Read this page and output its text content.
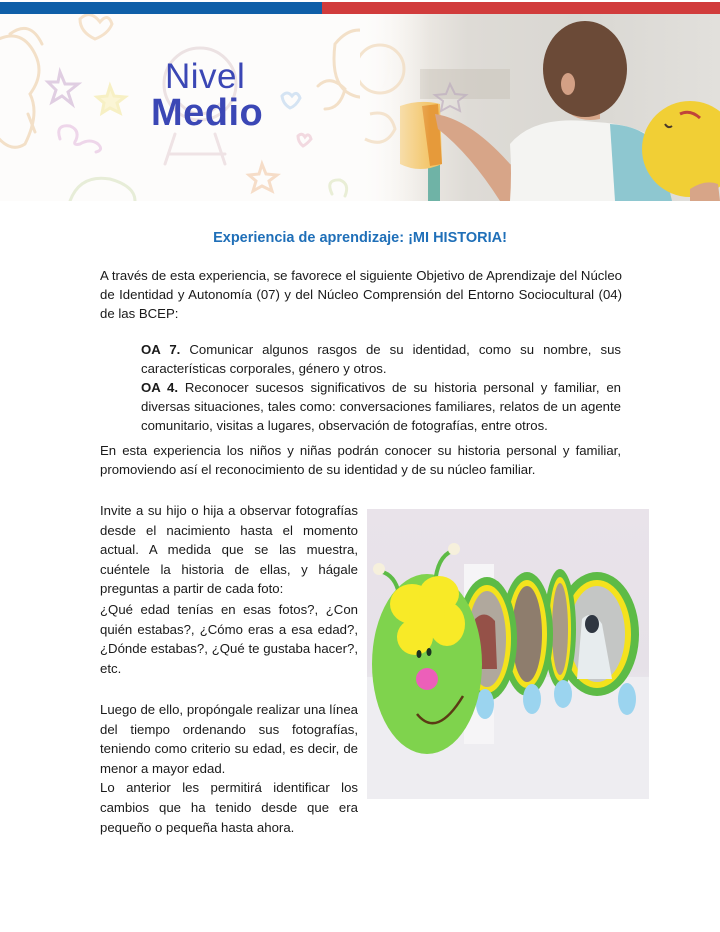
Nivel
Medio
Experiencia de aprendizaje: ¡MI HISTORIA!

A través de esta experiencia, se favorece el siguiente Objetivo de Aprendizaje del Núcleo de Identidad y Autonomía (07) y del Núcleo Comprensión del Entorno Sociocultural (04) de las BCEP:

OA 7. Comunicar algunos rasgos de su identidad, como su nombre, sus características corporales, género y otros.
OA 4. Reconocer sucesos significativos de su historia personal y familiar, en diversas situaciones, tales como: conversaciones familiares, relatos de un agente comunitario, visitas a lugares, observación de fotografías, entre otros.

En esta experiencia los niños y niñas podrán conocer su historia personal y familiar, promoviendo así el reconocimiento de su identidad y de su núcleo familiar.

Invite a su hijo o hija a observar fotografías desde el nacimiento hasta el momento actual. A medida que se las muestra, cuéntele la historia de ellas, y hágale preguntas a partir de cada foto:

¿Qué edad tenías en esas fotos?, ¿Con quién estabas?, ¿Cómo eras a esa edad?, ¿Dónde estabas?, ¿Qué te gustaba hacer?, etc.

Luego de ello, propóngale realizar una línea del tiempo ordenando sus fotografías, teniendo como criterio su edad, es decir, de menor a mayor edad.
Lo anterior les permitirá identificar los cambios que ha tenido desde que era pequeño o pequeña hasta ahora.
